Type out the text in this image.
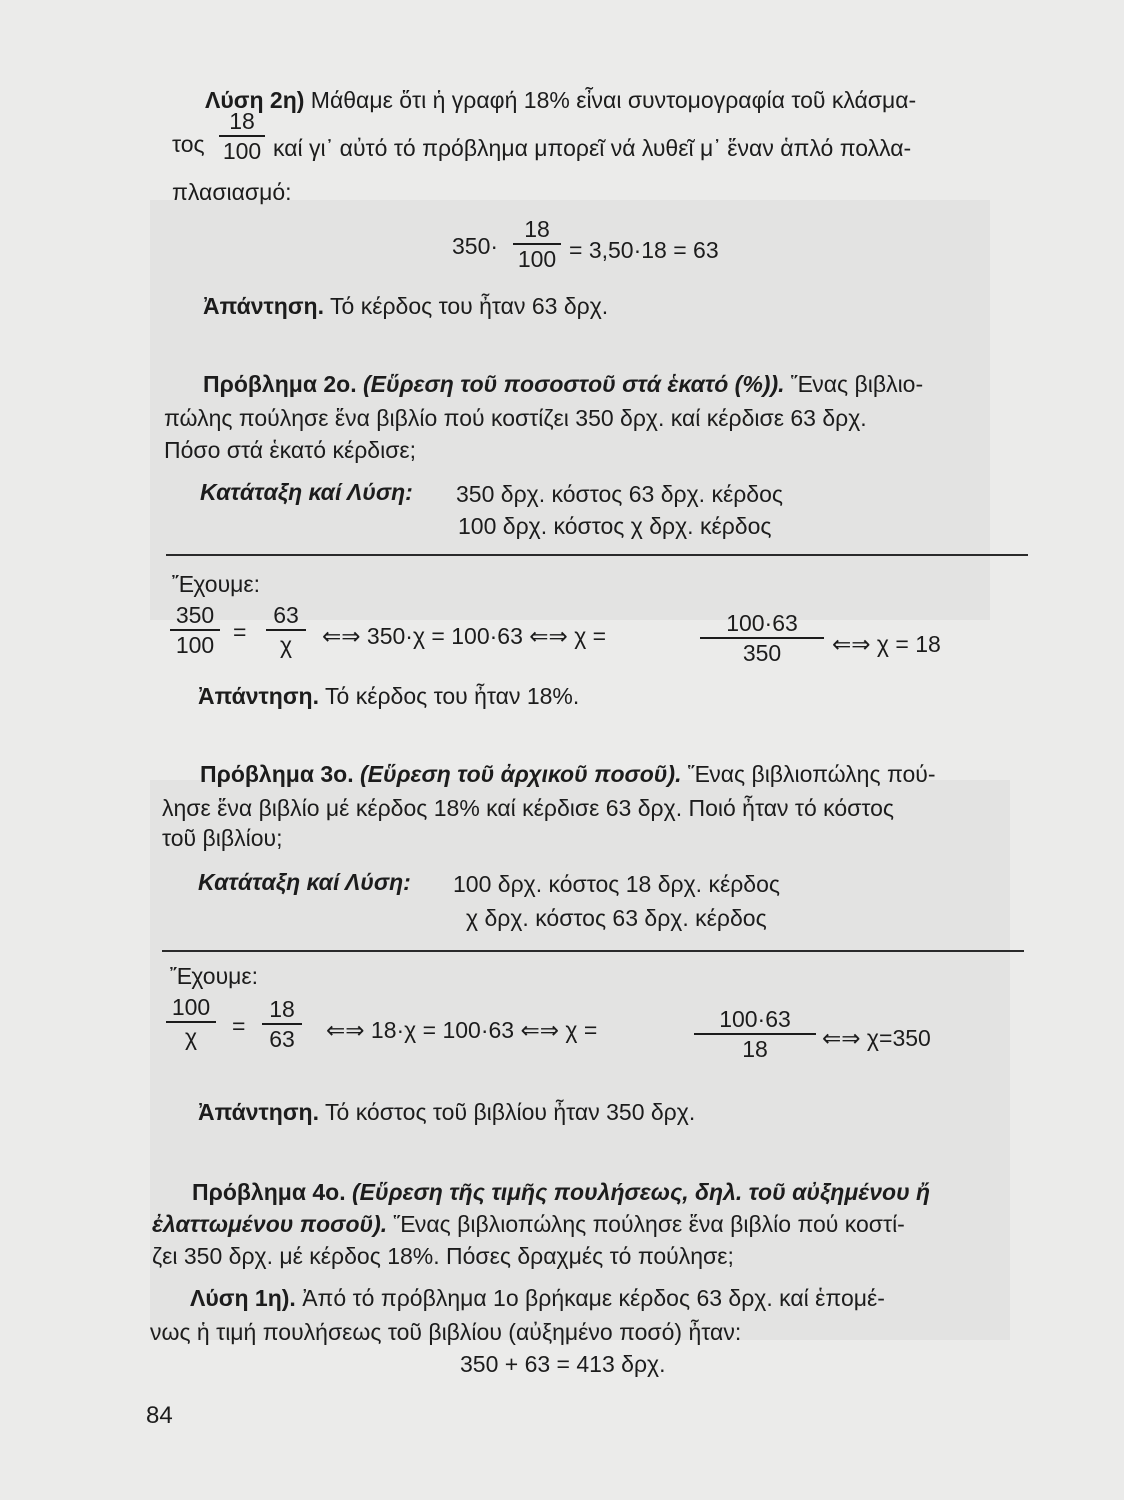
Λύση 2η) Μάθαμε ὅτι ἡ γραφή 18% εἶναι συντομογραφία τοῦ κλάσμα-
τος
18
100 καί γι᾽ αὐτό τό πρόβλημα μπορεῖ νά λυθεῖ μ᾽ ἕναν ἁπλό πολλα-
πλασιασμό:
350·
18
100 = 3,50·18 = 63
Ἀπάντηση. Τό κέρδος του ἦταν 63 δρχ.
Πρόβλημα 2ο. (Εὕρεση τοῦ ποσοστοῦ στά ἑκατό (%)). Ἕνας βιβλιο-
πώλης πούλησε ἕνα βιβλίο πού κοστίζει 350 δρχ. καί κέρδισε 63 δρχ.
Πόσο στά ἑκατό κέρδισε;
Κατάταξη καί Λύση: 350 δρχ. κόστος 63 δρχ. κέρδος
100 δρχ. κόστος χ δρχ. κέρδος
Ἔχουμε:
350
100 =
63
χ	⇐⇒ 350·χ = 100·63 ⇐⇒ χ =	100·63
350	⇐⇒ χ = 18
Ἀπάντηση. Τό κέρδος του ἦταν 18%.
Πρόβλημα 3ο. (Εὕρεση τοῦ ἀρχικοῦ ποσοῦ). Ἕνας βιβλιοπώλης πού-
λησε ἕνα βιβλίο μέ κέρδος 18% καί κέρδισε 63 δρχ. Ποιό ἦταν τό κόστος
τοῦ βιβλίου;
Κατάταξη καί Λύση: 100 δρχ. κόστος 18 δρχ. κέρδος
χ δρχ. κόστος 63 δρχ. κέρδος
Ἔχουμε:
100
χ	=
18
63	⇐⇒ 18·χ = 100·63 ⇐⇒ χ =	100·63
18	⇐⇒ χ=350
Ἀπάντηση. Τό κόστος τοῦ βιβλίου ἦταν 350 δρχ.
Πρόβλημα 4ο. (Εὕρεση τῆς τιμῆς πουλήσεως, δηλ. τοῦ αὐξημένου ἤ
ἐλαττωμένου ποσοῦ). Ἕνας βιβλιοπώλης πούλησε ἕνα βιβλίο πού κοστί-
ζει 350 δρχ. μέ κέρδος 18%. Πόσες δραχμές τό πούλησε;
Λύση 1η). Ἀπό τό πρόβλημα 1ο βρήκαμε κέρδος 63 δρχ. καί ἑπομέ-
νως ἡ τιμή πουλήσεως τοῦ βιβλίου (αὐξημένο ποσό) ἦταν:
350 + 63 = 413 δρχ.
84
